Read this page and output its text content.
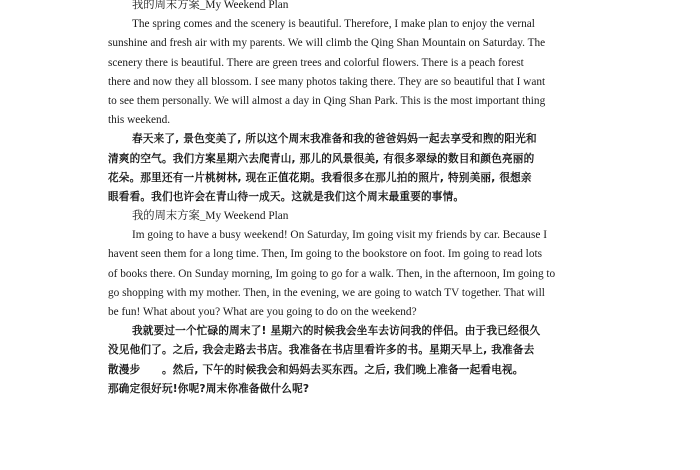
我的周末方案_My Weekend Plan
The spring comes and the scenery is beautiful. Therefore, I make plan to enjoy the vernal
sunshine and fresh air with my parents. We will climb the Qing Shan Mountain on Saturday. The
scenery there is beautiful. There are green trees and colorful flowers. There is a peach forest
there and now they all blossom. I see many photos taking there. They are so beautiful that I want
to see them personally. We will almost a day in Qing Shan Park. This is the most important thing
this weekend.
春天来了, 景色变美了, 所以这个周末我准备和我的爸爸妈妈一起去享受和煦的阳光和
清爽的空气。我们方案星期六去爬青山, 那儿的风景很美, 有很多翠绿的数目和颜色亮丽的
花朵。那里还有一片桃树林, 现在正值花期。我看很多在那儿拍的照片, 特别美丽, 很想亲
眼看看。我们也许会在青山待一成天。这就是我们这个周末最重要的事情。
我的周末方案_My Weekend Plan
Im going to have a busy weekend! On Saturday, Im going visit my friends by car. Because I
havent seen them for a long time. Then, Im going to the bookstore on foot. Im going to read lots
of books there. On Sunday morning, Im going to go for a walk. Then, in the afternoon, Im going to
go shopping with my mother. Then, in the evening, we are going to watch TV together. That will
be fun! What about you? What are you going to do on the weekend?
我就要过一个忙碌的周末了! 星期六的时候我会坐车去访问我的伴侣。由于我已经很久
没见他们了。之后, 我会走路去书店。我准备在书店里看许多的书。星期天早上, 我准备去
散漫步　　。然后, 下午的时候我会和妈妈去买东西。之后, 我们晚上准备一起看电视。
那确定很好玩!你呢?周末你准备做什么呢?
